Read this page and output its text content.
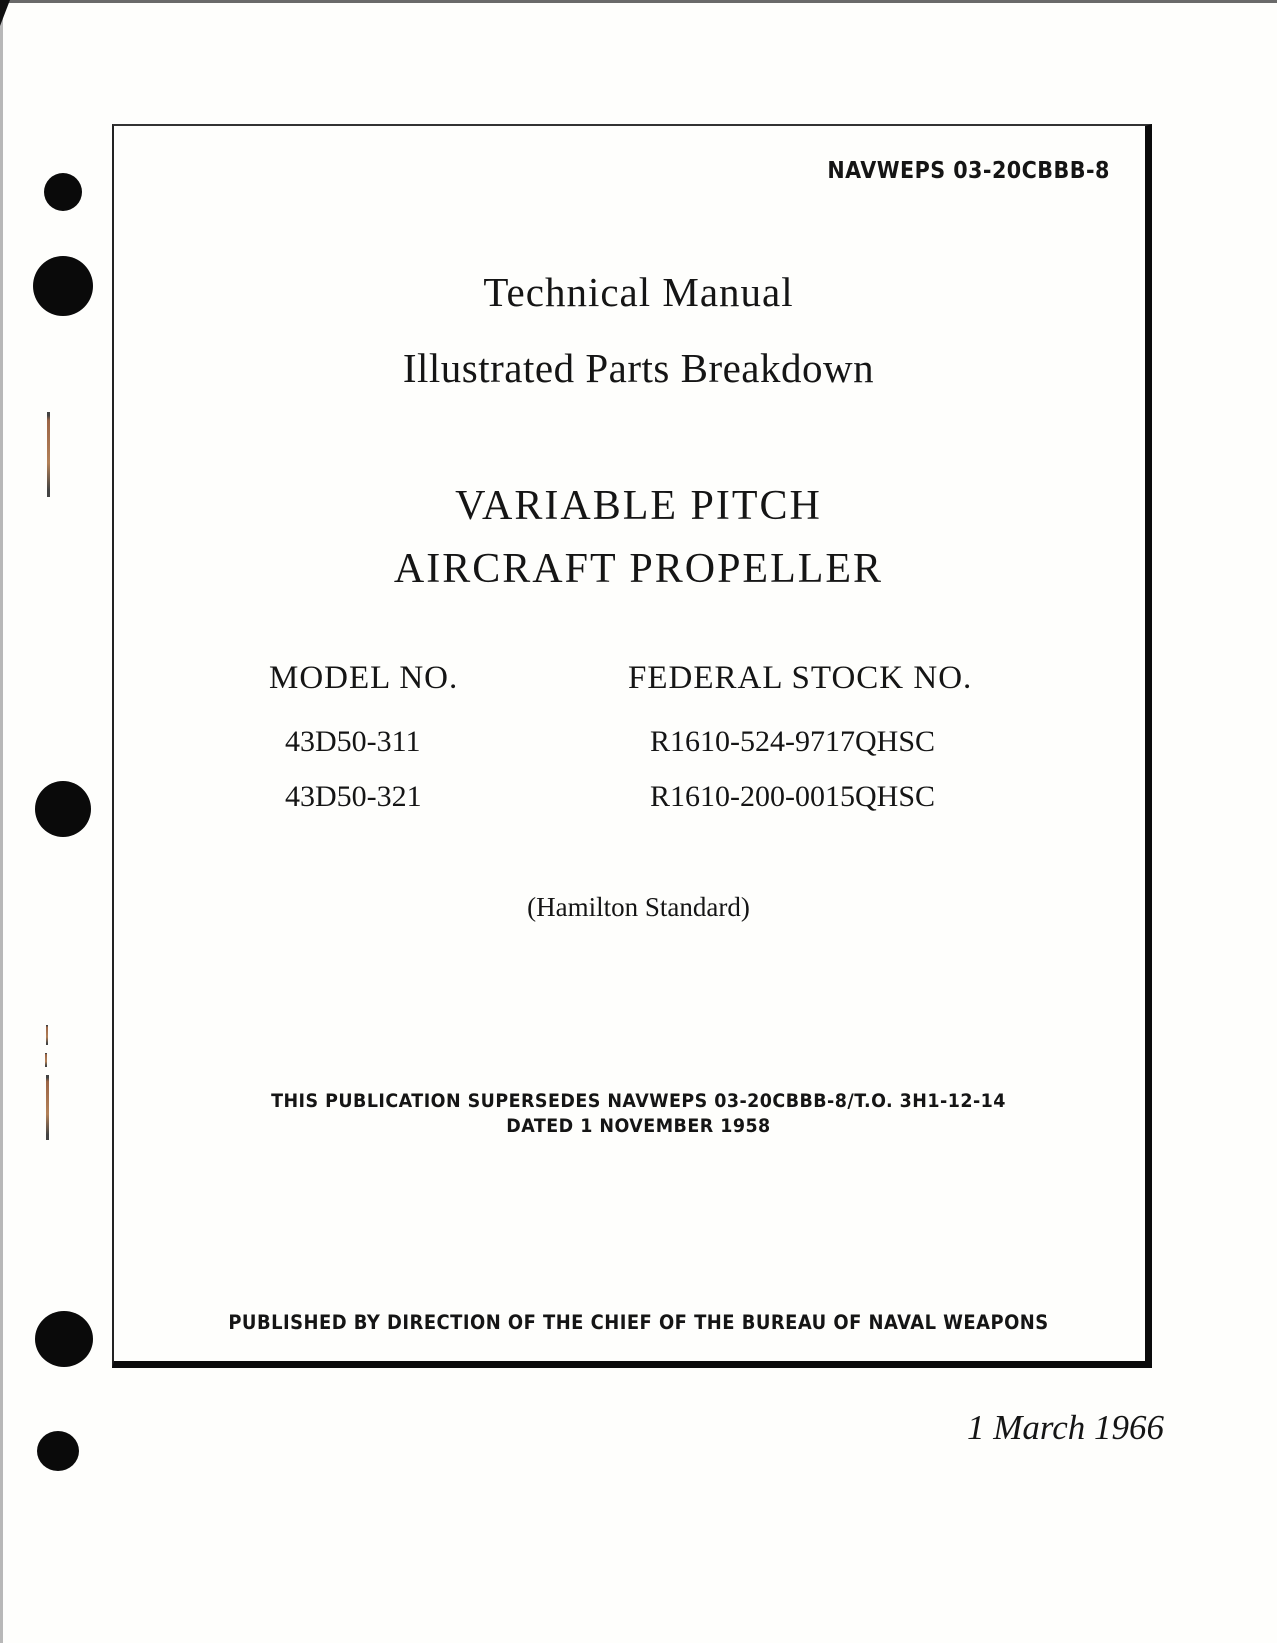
NAVWEPS 03-20CBBB-8
Technical Manual
Illustrated Parts Breakdown
VARIABLE PITCH
AIRCRAFT PROPELLER
MODEL NO.	FEDERAL STOCK NO.
43D50-311	R1610-524-9717QHSC
43D50-321	R1610-200-0015QHSC
(Hamilton Standard)
THIS PUBLICATION SUPERSEDES NAVWEPS 03-20CBBB-8/T.O. 3H1-12-14
DATED 1 NOVEMBER 1958
PUBLISHED BY DIRECTION OF THE CHIEF OF THE BUREAU OF NAVAL WEAPONS
1 March 1966
